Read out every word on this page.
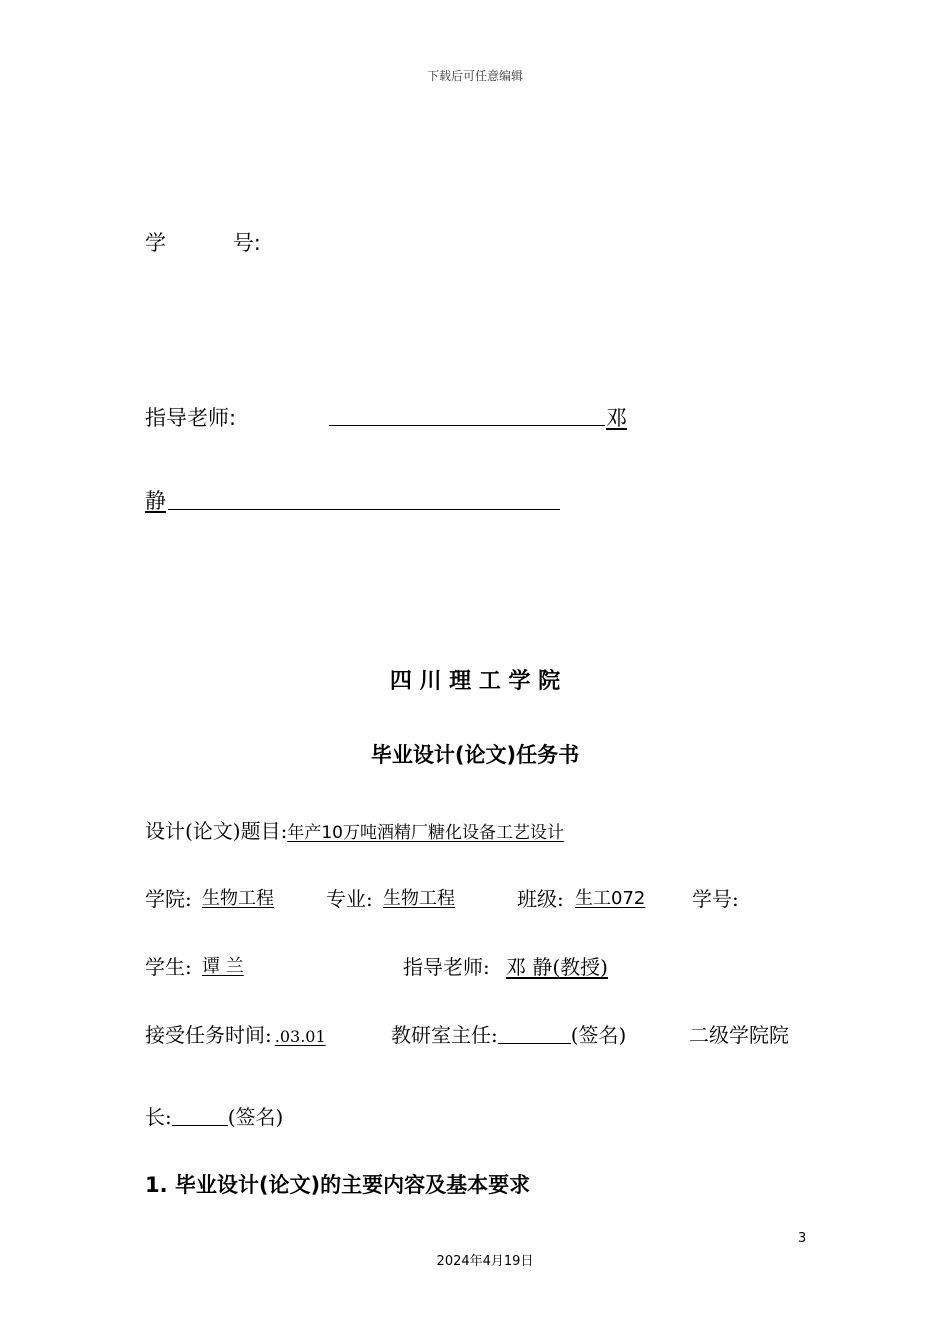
下载后可任意编辑
学          号:
指导老师:	邓
静
四 川 理 工 学 院
毕业设计(论文)任务书
设计(论文)题目:年产10万吨酒精厂糖化设备工艺设计
学院: 生物工程	专业: 生物工程	班级: 生工072 学号:
学生: 谭 兰	指导老师: 邓 静(教授)
接受任务时间: .03.01	教研室主任:	(签名)	二级学院院
长:	(签名)
1. 毕业设计(论文)的主要内容及基本要求
3
2024年4月19日
